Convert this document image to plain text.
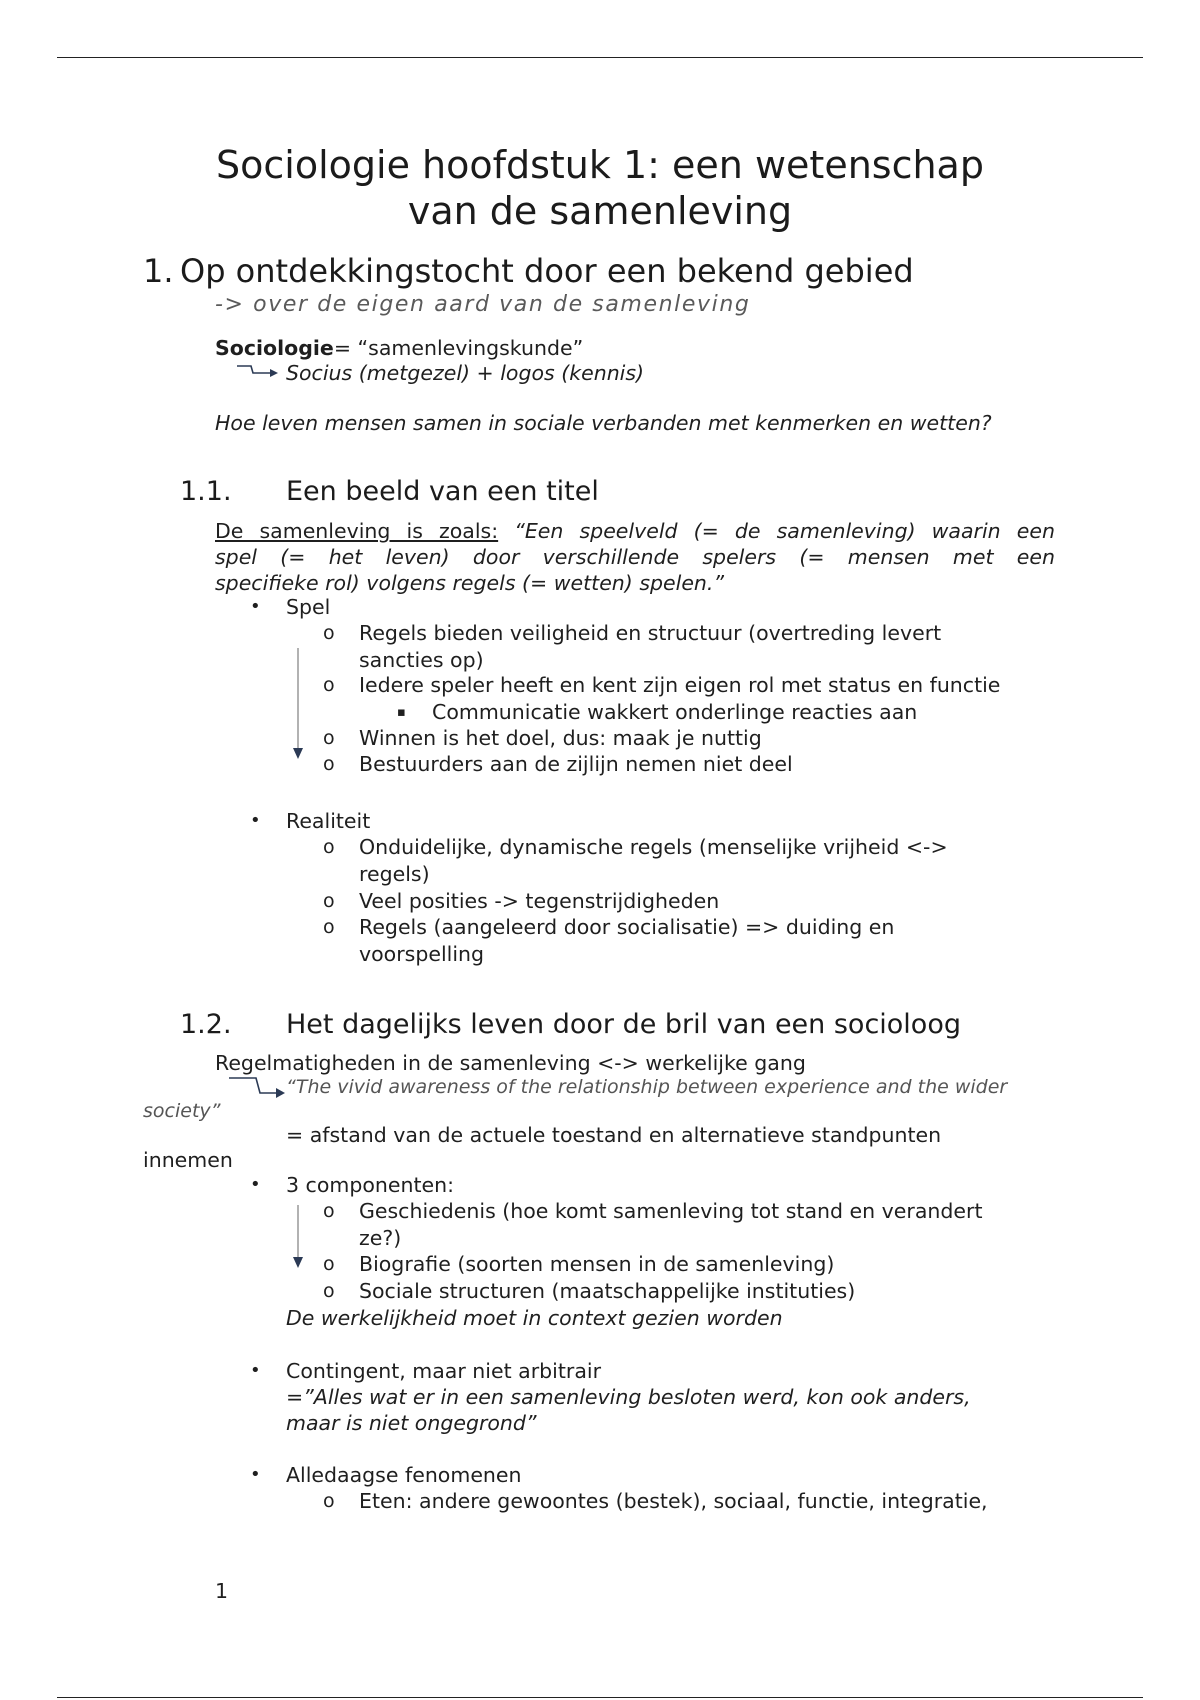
Sociologie hoofdstuk 1: een wetenschap
van de samenleving
1. Op ontdekkingstocht door een bekend gebied
-> over de eigen aard van de samenleving
Sociologie= “samenlevingskunde”
Socius (metgezel) + logos (kennis)
Hoe leven mensen samen in sociale verbanden met kenmerken en wetten?
1.1. Een beeld van een titel
De samenleving is zoals: “Een speelveld (= de samenleving) waarin een
spel (= het leven) door verschillende spelers (= mensen met een
specifieke rol) volgens regels (= wetten) spelen.”
• Spel
o Regels bieden veiligheid en structuur (overtreding levert
sancties op)
o Iedere speler heeft en kent zijn eigen rol met status en functie
▪ Communicatie wakkert onderlinge reacties aan
o Winnen is het doel, dus: maak je nuttig
o Bestuurders aan de zijlijn nemen niet deel
• Realiteit
o Onduidelijke, dynamische regels (menselijke vrijheid <->
regels)
o Veel posities -> tegenstrijdigheden
o Regels (aangeleerd door socialisatie) => duiding en
voorspelling
1.2. Het dagelijks leven door de bril van een socioloog
Regelmatigheden in de samenleving <-> werkelijke gang
“The vivid awareness of the relationship between experience and the wider
society”
= afstand van de actuele toestand en alternatieve standpunten
innemen
• 3 componenten:
o Geschiedenis (hoe komt samenleving tot stand en verandert
ze?)
o Biografie (soorten mensen in de samenleving)
o Sociale structuren (maatschappelijke instituties)
De werkelijkheid moet in context gezien worden
• Contingent, maar niet arbitrair
=”Alles wat er in een samenleving besloten werd, kon ook anders,
maar is niet ongegrond”
• Alledaagse fenomenen
o Eten: andere gewoontes (bestek), sociaal, functie, integratie,
1
